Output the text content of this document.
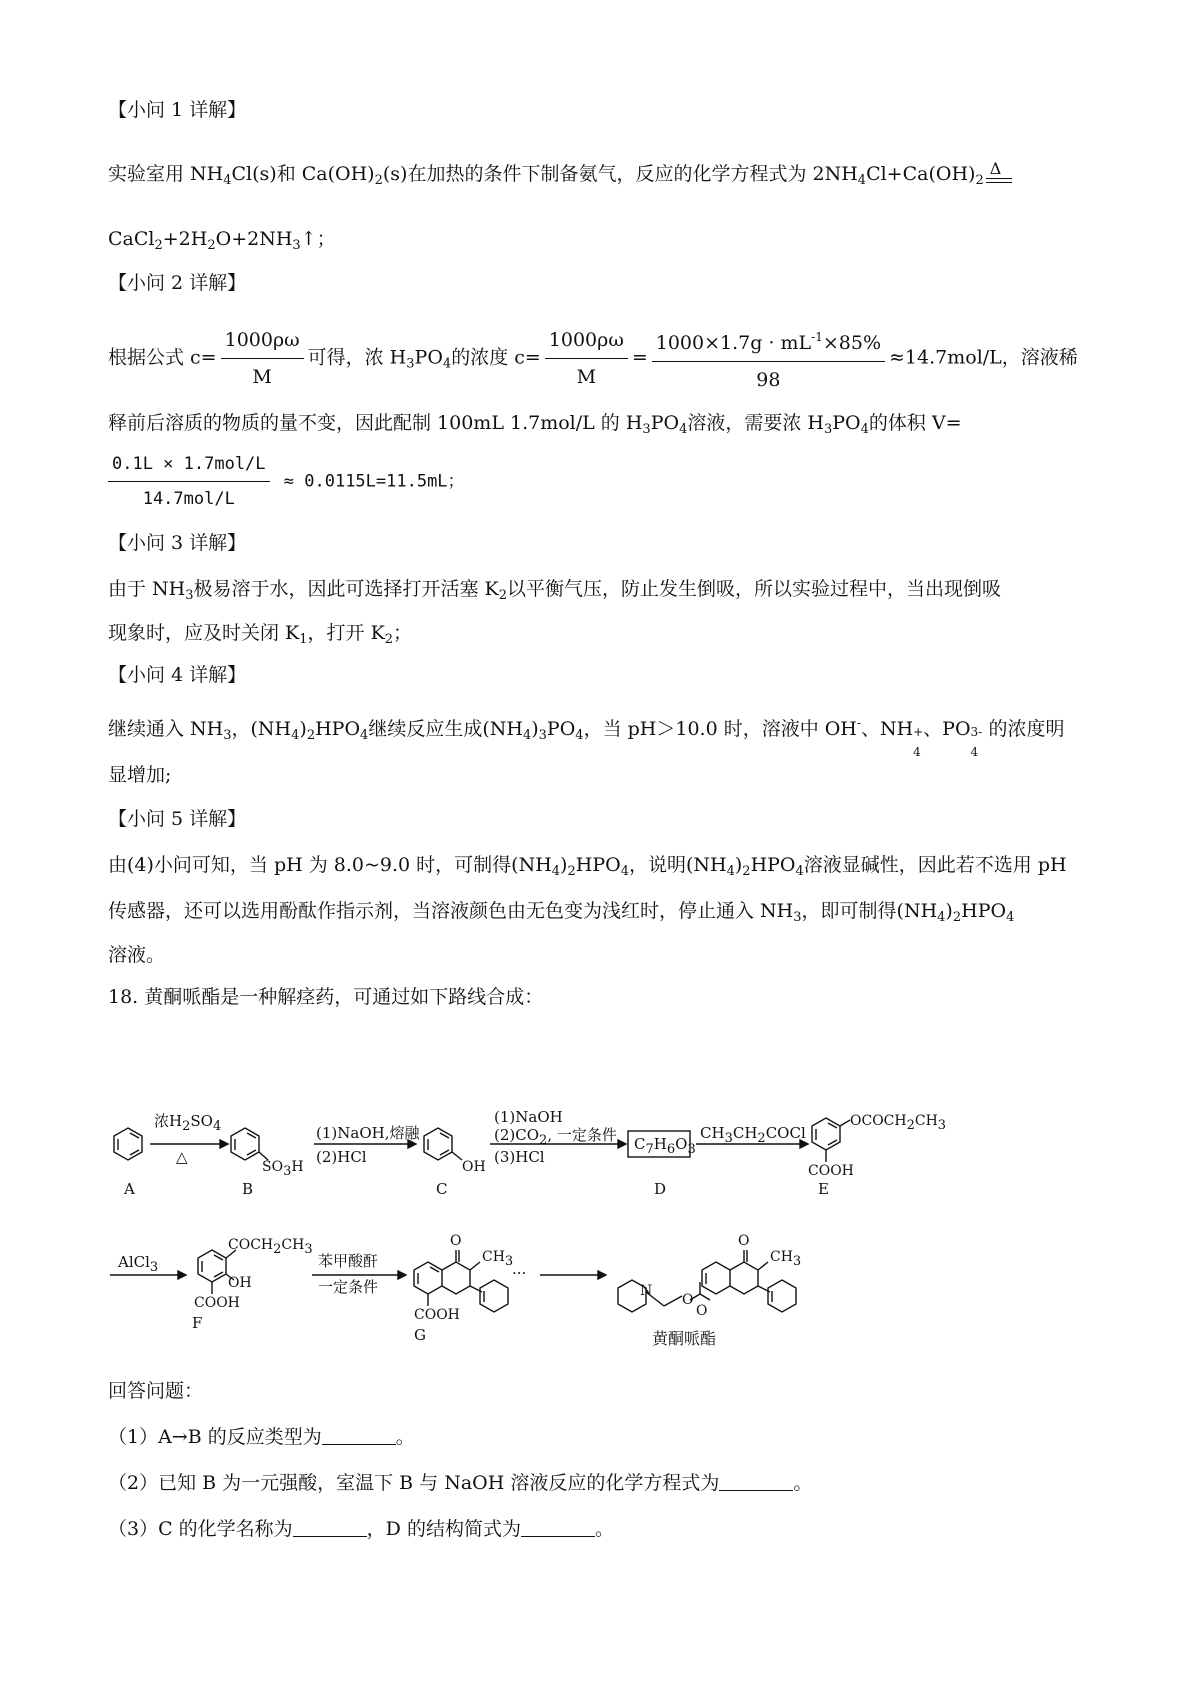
【小问 1 详解】
实验室用 $NH_4Cl(s)$和 $Ca(OH)_2(s)$在加热的条件下制备氨气，反应的化学方程式为 $2NH_4Cl+Ca(OH)_2$
Δ
$CaCl_2+2H_2O+2NH_3↑$；
【小问 2 详解】
根据公式 $c= \frac{1000\rho\omega}{M}$ 可得，浓 $H_3PO_4$的浓度 $c= \frac{1000\rho\omega}{M} = \frac{1000\times 1.7g \cdot mL^{-1}\times 85\%}{98} \approx 14.7mol/L$，溶液稀
释前后溶质的物质的量不变，因此配制 100mL 1.7mol/L 的 $H_3PO_4$溶液，需要浓 $H_3PO_4$的体积 V=
$\frac{\text{0.1L × 1.7mol/L}}{\text{14.7mol/L}} \approx 0.0115L=11.5mL$；
【小问 3 详解】
由于 $NH_3$极易溶于水，因此可选择打开活塞 $K_2$以平衡气压，防止发生倒吸，所以实验过程中，当出现倒吸
现象时，应及时关闭 $K_1$，打开 $K_2$；
【小问 4 详解】
继续通入 $NH_3$，$(NH_4)_2HPO_4$继续反应生成$(NH_4)_3PO_4$，当 pH＞10.0 时，溶液中 OH-、NH +
4
、PO 3-
4
的浓度明
显增加;
【小问 5 详解】
由(4)小问可知，当 pH 为 8.0~9.0 时，可制得$(NH_4)_2HPO_4$，说明$(NH_4)_2HPO_4$溶液显碱性，因此若不选用 pH
传感器，还可以选用酚酞作指示剂，当溶液颜色由无色变为浅红时，停止通入 $NH_3$，即可制得$(NH_4)_2HPO_4$
溶液。
18. 黄酮哌酯是一种解痉药，可通过如下路线合成：
浓H2SO4
△
SO3H
(1)NaOH,熔融
(2)HCl
OH
(1)NaOH
(2)CO2, 一定条件
(3)HCl
C7H6O3
CH3CH2COCl
OCOCH2CH3
COOH
A	B	C	D	E
AlCl3
COCH2CH3
OH
COOH
F
苯甲酸酐
一定条件
O
CH3
COOH
G
···
O
CH3
N
O
O
黄酮哌酯
回答问题：
（1）A→B 的反应类型为	。
（2）已知 B 为一元强酸，室温下 B 与 NaOH 溶液反应的化学方程式为	。
（3）C 的化学名称为	，D 的结构简式为	。
